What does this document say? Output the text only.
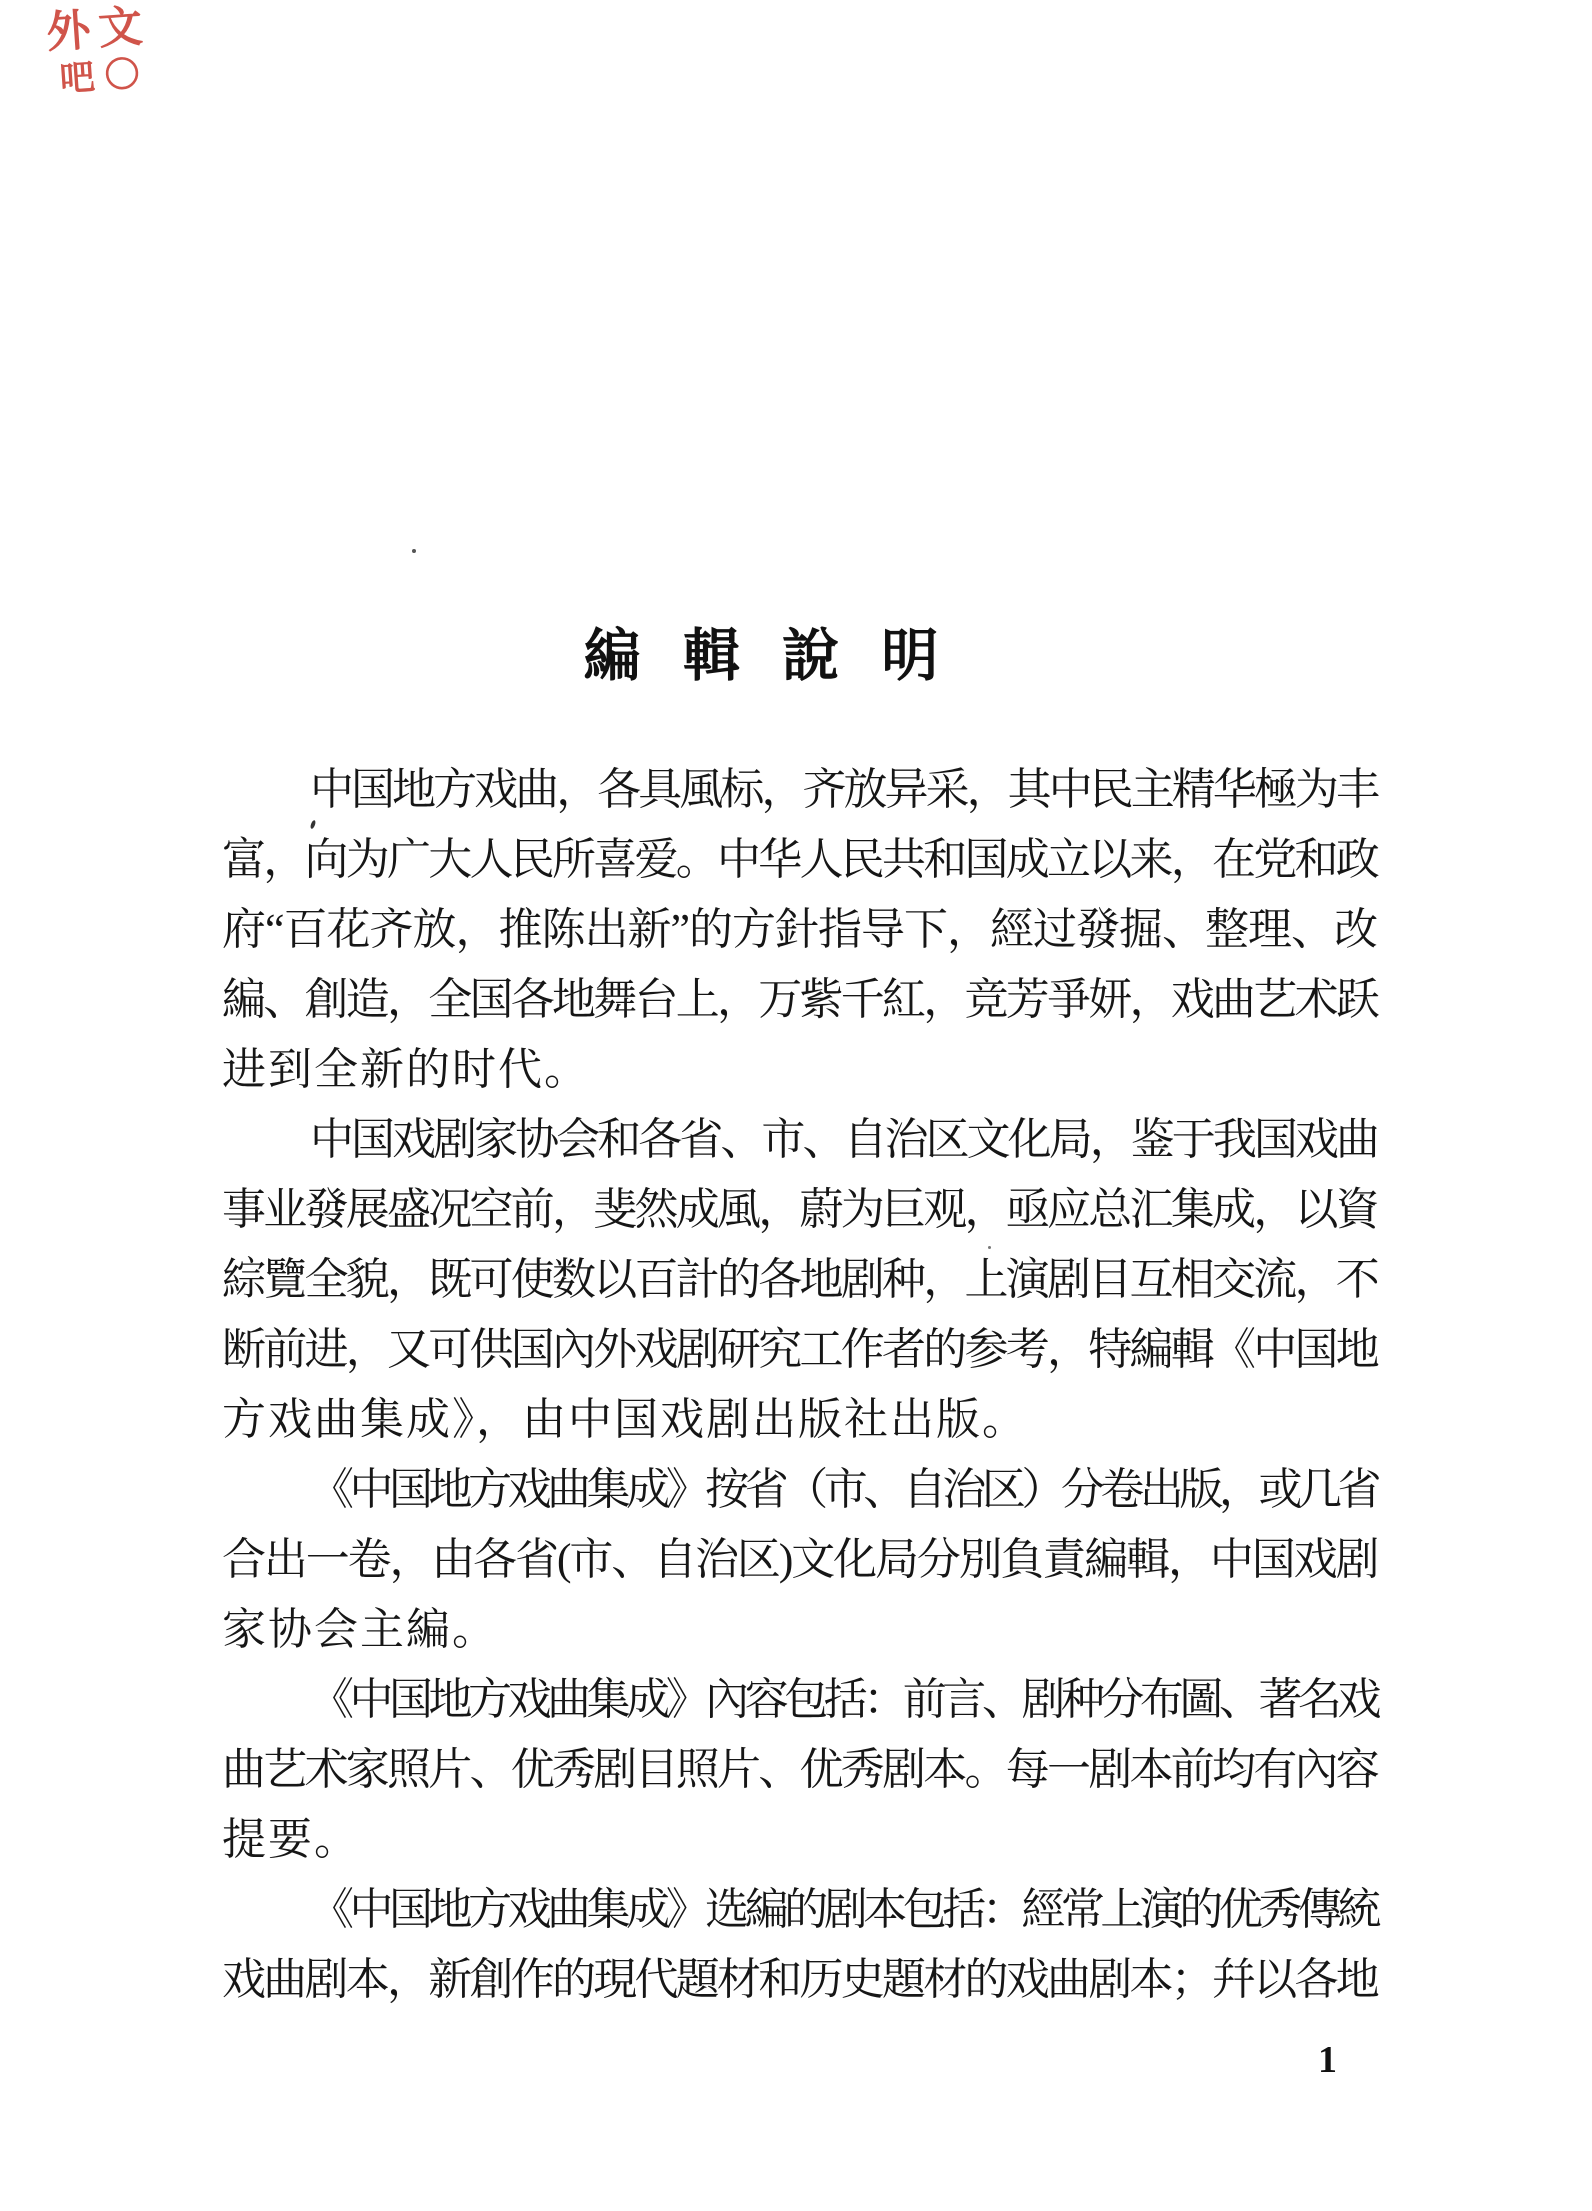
外文
吧〇
編 輯 說 明
中国地方戏曲，各具風标，齐放异采，其中民主精华極为丰
富，向为广大人民所喜爱。中华人民共和国成立以来，在党和政
府“百花齐放，推陈出新”的方針指导下，經过發掘、整理、改
編、創造，全国各地舞台上，万紫千紅，竞芳爭妍，戏曲艺术跃
进到全新的时代。
中国戏剧家协会和各省、市、自治区文化局，鉴于我国戏曲
事业發展盛况空前，斐然成風，蔚为巨观，亟应总汇集成，以資
綜覽全貌，既可使数以百計的各地剧种，上演剧目互相交流，不
断前进，又可供国內外戏剧研究工作者的参考，特編輯《中国地
方戏曲集成》，由中国戏剧出版社出版。
《中国地方戏曲集成》按省（市、自治区）分卷出版，或几省
合出一卷，由各省(市、自治区)文化局分別負責編輯，中国戏剧
家协会主編。
《中国地方戏曲集成》內容包括：前言、剧种分布圖、著名戏
曲艺术家照片、优秀剧目照片、优秀剧本。每一剧本前均有內容
提要。
《中国地方戏曲集成》选編的剧本包括：經常上演的优秀傳統
戏曲剧本，新創作的現代題材和历史題材的戏曲剧本；幷以各地
1
